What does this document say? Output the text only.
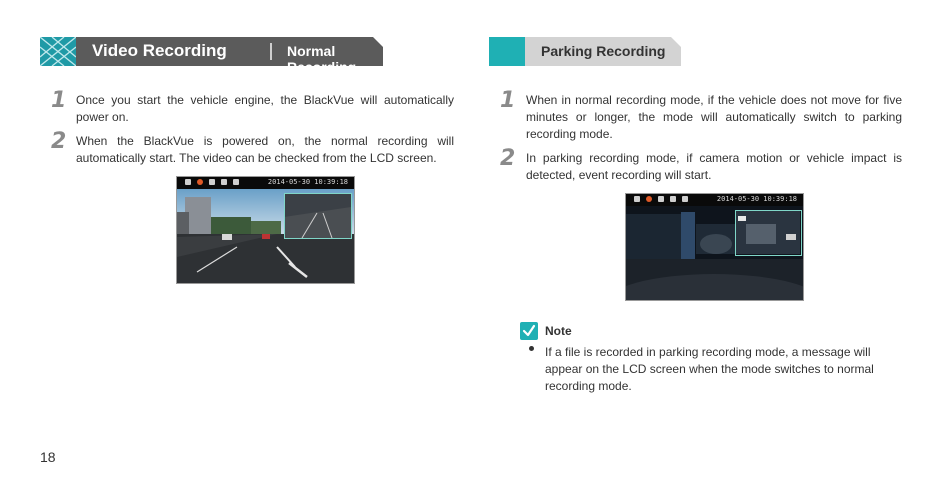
Video Recording	Normal Recording
Parking Recording
1 Once you start the vehicle engine, the BlackVue will automatically power on.
2 When the BlackVue is powered on, the normal recording will automatically start. The video can be checked from the LCD screen.
2014-05-30 10:39:18
1 When in normal recording mode, if the vehicle does not move for five minutes or longer, the mode will automatically switch to parking recording mode.
2 In parking recording mode, if camera motion or vehicle impact is detected, event recording will start.
2014-05-30 10:39:18
Note
If a file is recorded in parking recording mode, a message will appear on the LCD screen when the mode switches to normal recording mode.
18
